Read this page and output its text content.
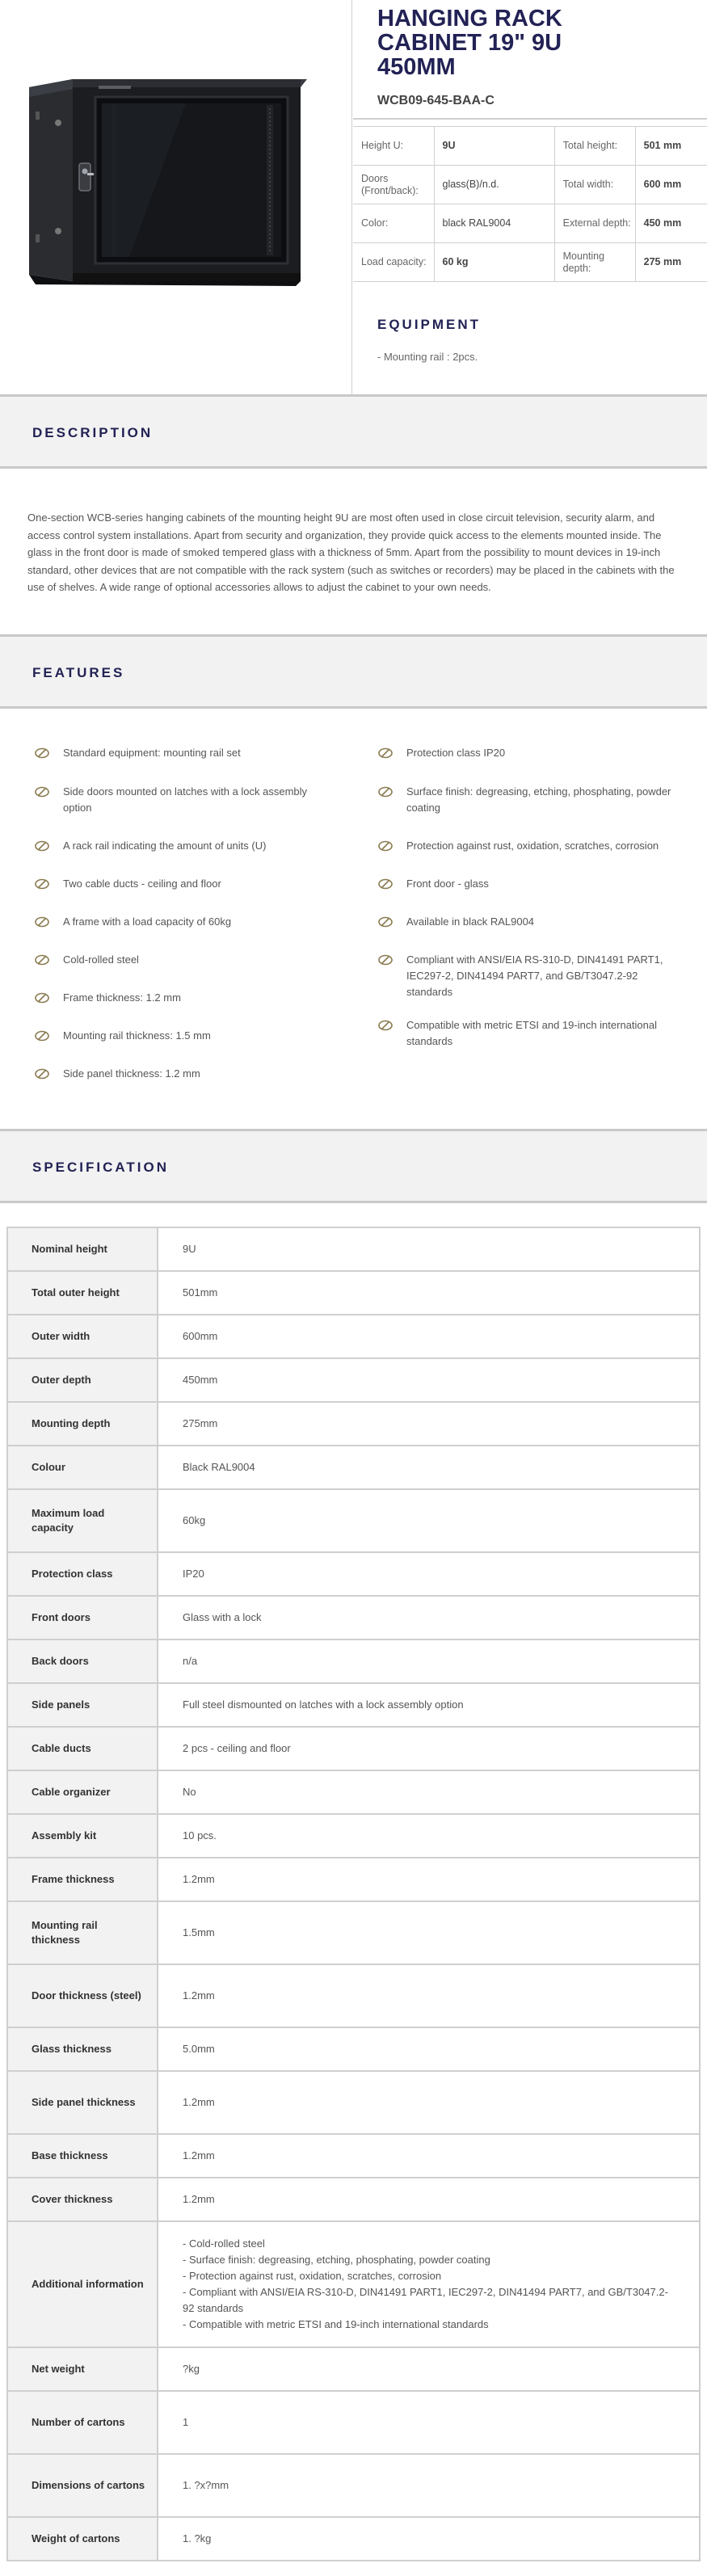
HANGING RACK CABINET 19" 9U 450MM
WCB09-645-BAA-C
Height U:	9U	Total height:	501 mm
Doors (Front/back):	glass(B)/n.d.	Total width:	600 mm
Color:	black RAL9004	External depth:	450 mm
Load capacity:	60 kg	Mounting depth:	275 mm
EQUIPMENT
- Mounting rail : 2pcs.
DESCRIPTION

One-section WCB-series hanging cabinets of the mounting height 9U are most often used in close circuit television, security alarm, and access control system installations. Apart from security and organization, they provide quick access to the elements mounted inside. The glass in the front door is made of smoked tempered glass with a thickness of 5mm. Apart from the possibility to mount devices in 19-inch standard, other devices that are not compatible with the rack system (such as switches or recorders) may be placed in the cabinets with the use of shelves. A wide range of optional accessories allows to adjust the cabinet to your own needs.

FEATURES
Standard equipment: mounting rail set
Side doors mounted on latches with a lock assembly option
A rack rail indicating the amount of units (U)
Two cable ducts - ceiling and floor
A frame with a load capacity of 60kg
Cold-rolled steel
Frame thickness: 1.2 mm
Mounting rail thickness: 1.5 mm
Side panel thickness: 1.2 mm
Protection class IP20
Surface finish: degreasing, etching, phosphating, powder coating
Protection against rust, oxidation, scratches, corrosion
Front door - glass
Available in black RAL9004
Compliant with ANSI/EIA RS-310-D, DIN41491 PART1, IEC297-2, DIN41494 PART7, and GB/T3047.2-92 standards
Compatible with metric ETSI and 19-inch international standards
SPECIFICATION
Nominal height	9U
Total outer height	501mm
Outer width	600mm
Outer depth	450mm
Mounting depth	275mm
Colour	Black RAL9004
Maximum load capacity	60kg
Protection class	IP20
Front doors	Glass with a lock
Back doors	n/a
Side panels	Full steel dismounted on latches with a lock assembly option
Cable ducts	2 pcs - ceiling and floor
Cable organizer	No
Assembly kit	10 pcs.
Frame thickness	1.2mm
Mounting rail thickness	1.5mm
Door thickness (steel)	1.2mm
Glass thickness	5.0mm
Side panel thickness	1.2mm
Base thickness	1.2mm
Cover thickness	1.2mm
Additional information	- Cold-rolled steel
- Surface finish: degreasing, etching, phosphating, powder coating
- Protection against rust, oxidation, scratches, corrosion
- Compliant with ANSI/EIA RS-310-D, DIN41491 PART1, IEC297-2, DIN41494 PART7, and GB/T3047.2-92 standards
- Compatible with metric ETSI and 19-inch international standards
Net weight	?kg
Number of cartons	1
Dimensions of cartons	1. ?x?mm
Weight of cartons	1. ?kg
